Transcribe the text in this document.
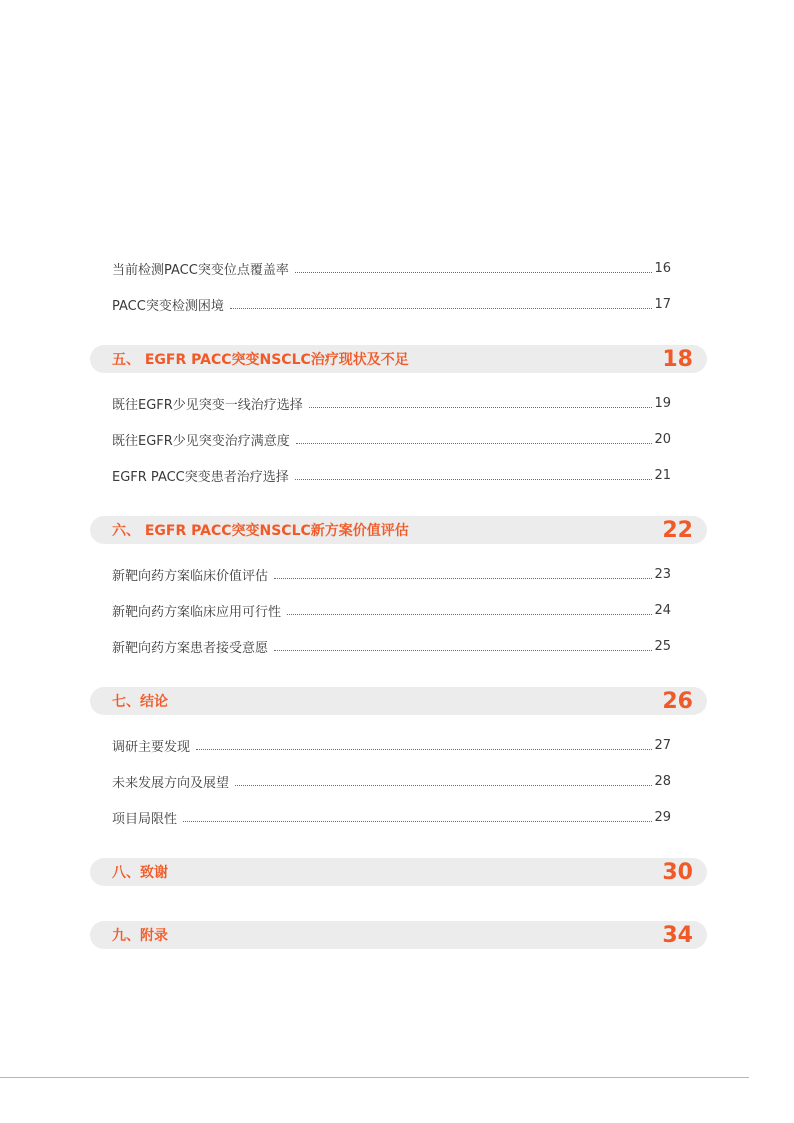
当前检测PACC突变位点覆盖率	16
PACC突变检测困境	17
五、 EGFR PACC突变NSCLC治疗现状及不足	18
既往EGFR少见突变一线治疗选择	19
既往EGFR少见突变治疗满意度	20
EGFR PACC突变患者治疗选择	21
六、 EGFR PACC突变NSCLC新方案价值评估	22
新靶向药方案临床价值评估	23
新靶向药方案临床应用可行性	24
新靶向药方案患者接受意愿	25
七、结论	26
调研主要发现	27
未来发展方向及展望	28
项目局限性	29
八、致谢	30
九、附录	34
